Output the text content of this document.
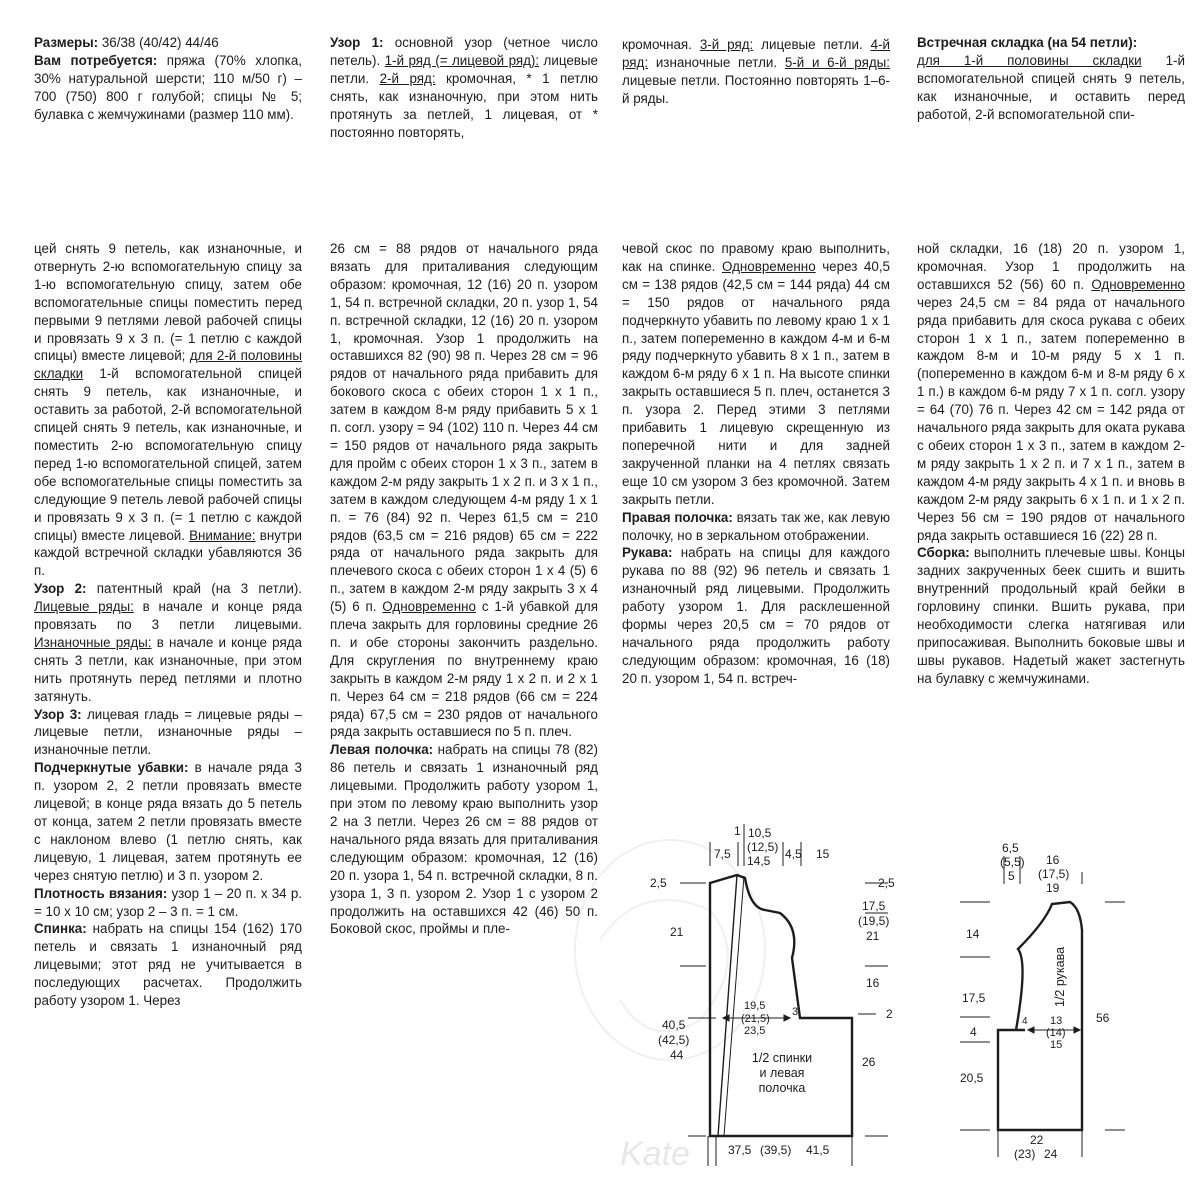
Размеры: 36/38 (40/42) 44/46

Вам потребуется: пряжа (70% хлопка, 30% натуральной шерсти; 110 м/50 г) – 700 (750) 800 г голубой; спицы № 5; булавка с жемчужинами (размер 110 мм).

Узор 1: основной узор (четное число петель). 1-й ряд (= лицевой ряд): лицевые петли. 2-й ряд: кромочная, * 1 петлю снять, как изнаночную, при этом нить протянуть за петлей, 1 лицевая, от * постоянно повторять,

кромочная. 3-й ряд: лицевые петли. 4-й ряд: изнаночные петли. 5-й и 6-й ряды: лицевые петли. Постоянно повторять 1–6-й ряды.

Встречная складка (на 54 петли):

для 1-й половины складки 1-й вспомогательной спицей снять 9 петель, как изнаночные, и оставить перед работой, 2-й вспомогательной спи-

цей снять 9 петель, как изнаночные, и отвернуть 2-ю вспомогательную спицу за 1-ю вспомогательную спицу, затем обе вспомогательные спицы поместить перед первыми 9 петлями левой рабочей спицы и провязать 9 х 3 п. (= 1 петлю с каждой спицы) вместе лицевой; для 2-й половины складки 1-й вспомогательной спицей снять 9 петель, как изнаночные, и оставить за работой, 2-й вспомогательной спицей снять 9 петель, как изнаночные, и поместить 2-ю вспомогательную спицу перед 1-ю вспомогательной спицей, затем обе вспомогательные спицы поместить за следующие 9 петель левой рабочей спицы и провязать 9 х 3 п. (= 1 петлю с каждой спицы) вместе лицевой. Внимание: внутри каждой встречной складки убавляются 36 п.

Узор 2: патентный край (на 3 петли). Лицевые ряды: в начале и конце ряда провязать по 3 петли лицевыми. Изнаночные ряды: в начале и конце ряда снять 3 петли, как изнаночные, при этом нить протянуть перед петлями и плотно затянуть.

Узор 3: лицевая гладь = лицевые ряды – лицевые петли, изнаночные ряды – изнаночные петли.

Подчеркнутые убавки: в начале ряда 3 п. узором 2, 2 петли провязать вместе лицевой; в конце ряда вязать до 5 петель от конца, затем 2 петли провязать вместе с наклоном влево (1 петлю снять, как лицевую, 1 лицевая, затем протянуть ее через снятую петлю) и 3 п. узором 2.

Плотность вязания: узор 1 – 20 п. х 34 р. = 10 х 10 см; узор 2 – 3 п. = 1 см.

Спинка: набрать на спицы 154 (162) 170 петель и связать 1 изнаночный ряд лицевыми; этот ряд не учитывается в последующих расчетах. Продолжить работу узором 1. Через

26 см = 88 рядов от начального ряда вязать для приталивания следующим образом: кромочная, 12 (16) 20 п. узором 1, 54 п. встречной складки, 20 п. узор 1, 54 п. встречной складки, 12 (16) 20 п. узором 1, кромочная. Узор 1 продолжить на оставшихся 82 (90) 98 п. Через 28 см = 96 рядов от начального ряда прибавить для бокового скоса с обеих сторон 1 х 1 п., затем в каждом 8-м ряду прибавить 5 х 1 п. согл. узору = 94 (102) 110 п. Через 44 см = 150 рядов от начального ряда закрыть для пройм с обеих сторон 1 х 3 п., затем в каждом 2-м ряду закрыть 1 х 2 п. и 3 х 1 п., затем в каждом следующем 4-м ряду 1 х 1 п. = 76 (84) 92 п. Через 61,5 см = 210 рядов (63,5 см = 216 рядов) 65 см = 222 ряда от начального ряда закрыть для плечевого скоса с обеих сторон 1 х 4 (5) 6 п., затем в каждом 2-м ряду закрыть 3 х 4 (5) 6 п. Одновременно с 1-й убавкой для плеча закрыть для горловины средние 26 п. и обе стороны закончить раздельно. Для скругления по внутреннему краю закрыть в каждом 2-м ряду 1 х 2 п. и 2 х 1 п. Через 64 см = 218 рядов (66 см = 224 ряда) 67,5 см = 230 рядов от начального ряда закрыть оставшиеся по 5 п. плеч.

Левая полочка: набрать на спицы 78 (82) 86 петель и связать 1 изнаночный ряд лицевыми. Продолжить работу узором 1, при этом по левому краю выполнить узор 2 на 3 петли. Через 26 см = 88 рядов от начального ряда вязать для приталивания следующим образом: кромочная, 12 (16) 20 п. узора 1, 54 п. встречной складки, 8 п. узора 1, 3 п. узором 2. Узор 1 с узором 2 продолжить на оставшихся 42 (46) 50 п. Боковой скос, проймы и пле-

чевой скос по правому краю выполнить, как на спинке. Одновременно через 40,5 см = 138 рядов (42,5 см = 144 ряда) 44 см = 150 рядов от начального ряда подчеркнуто убавить по левому краю 1 х 1 п., затем попеременно в каждом 4-м и 6-м ряду подчеркнуто убавить 8 х 1 п., затем в каждом 6-м ряду 6 х 1 п. На высоте спинки закрыть оставшиеся 5 п. плеч, останется 3 п. узора 2. Перед этими 3 петлями прибавить 1 лицевую скрещенную из поперечной нити и для задней закрученной планки на 4 петлях связать еще 10 см узором 3 без кромочной. Затем закрыть петли.

Правая полочка: вязать так же, как левую полочку, но в зеркальном отображении.

Рукава: набрать на спицы для каждого рукава по 88 (92) 96 петель и связать 1 изнаночный ряд лицевыми. Продолжить работу узором 1. Для расклешенной формы через 20,5 см = 70 рядов от начального ряда продолжить работу следующим образом: кромочная, 16 (18) 20 п. узором 1, 54 п. встреч-

ной складки, 16 (18) 20 п. узором 1, кромочная. Узор 1 продолжить на оставшихся 52 (56) 60 п. Одновременно через 24,5 см = 84 ряда от начального ряда прибавить для скоса рукава с обеих сторон 1 х 1 п., затем попеременно в каждом 8-м и 10-м ряду 5 х 1 п. (попеременно в каждом 6-м и 8-м ряду 6 х 1 п.) в каждом 6-м ряду 7 х 1 п. согл. узору = 64 (70) 76 п. Через 42 см = 142 ряда от начального ряда закрыть для оката рукава с обеих сторон 1 х 3 п., затем в каждом 2-м ряду закрыть 1 х 2 п. и 7 х 1 п., затем в каждом 4-м ряду закрыть 4 х 1 п. и вновь в каждом 2-м ряду закрыть 6 х 1 п. и 1 х 2 п. Через 56 см = 190 рядов от начального ряда закрыть оставшиеся 16 (22) 28 п.

Сборка: выполнить плечевые швы. Концы задних закрученных беек сшить и вшить внутренний продольный край бейки в горловину спинки. Вшить рукава, при необходимости слегка натягивая или припосаживая. Выполнить боковые швы и швы рукавов. Надетый жакет застегнуть на булавку с жемчужинами.

Kate
1 10,5
(12,5)
14,5
7,5	4,5 15
2,5	2,5
21
17,5
(19,5)
21
16
19,5
(21,5)
23,5
3	2
40,5
(42,5)
44	26
1/2 спинки
и левая
полочка
37,5 (39,5) 41,5
6,5
(5,5)
5
16
(17,5)
19
14
17,5
4
20,5
1/2 рукава
4 13
(14)
15
56
22
(23) 24
